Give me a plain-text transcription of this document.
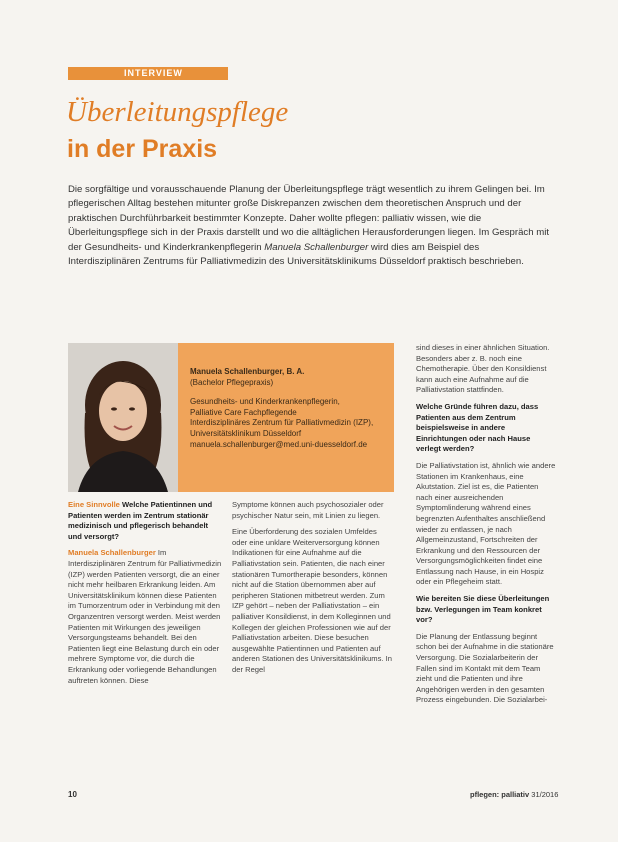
INTERVIEW
Überleitungspflege
in der Praxis

Die sorgfältige und vorausschauende Planung der Überleitungspflege trägt wesentlich zu ihrem Gelingen bei. Im pflegerischen Alltag bestehen mitunter große Diskrepanzen zwischen dem theoretischen Anspruch und der praktischen Durchführbarkeit bestimmter Konzepte. Daher wollte pflegen: palliativ wissen, wie die Überleitungspflege sich in der Praxis darstellt und wo die alltäglichen Herausforderungen liegen. Im Gespräch mit der Gesundheits- und Kinderkrankenpflegerin Manuela Schallenburger wird dies am Beispiel des Interdisziplinären Zentrums für Palliativmedizin des Universitätsklinikums Düsseldorf praktisch beschrieben.

Manuela Schallenburger, B. A.
(Bachelor Pflegepraxis)
Gesundheits- und Kinderkrankenpflegerin,
Palliative Care Fachpflegende
Interdisziplinäres Zentrum für Palliativmedizin (IZP),
Universitätsklinikum Düsseldorf
manuela.schallenburger@med.uni-duesseldorf.de

Eine Sinnvolle Welche Patientinnen und Patienten werden im Zentrum stationär medizinisch und pflegerisch behandelt und versorgt?

Manuela Schallenburger Im Interdisziplinären Zentrum für Palliativmedizin (IZP) werden Patienten versorgt, die an einer nicht mehr heilbaren Erkrankung leiden. Am Universitätsklinikum können diese Patienten im Tumorzentrum oder in Verbindung mit den Organzentren versorgt werden. Meist werden Patienten mit Wirkungen des jeweiligen Versorgungsteams behandelt. Bei den Patienten liegt eine Belastung durch ein oder mehrere Symptome vor, die durch die Erkrankung oder vorliegende Behandlungen auftreten können. Diese

Symptome können auch psychosozialer oder psychischer Natur sein, mit Linien zu liegen.

Eine Überforderung des sozialen Umfeldes oder eine unklare Weiterversorgung können Indikationen für eine Aufnahme auf die Palliativstation sein. Patienten, die nach einer stationären Tumortherapie besonders, können nicht auf die Station übernommen aber auf peripheren Stationen mitbetreut werden. Zum IZP gehört – neben der Palliativstation – ein palliativer Konsildienst, in dem Kolleginnen und Kollegen der gleichen Professionen wie auf der Palliativstation arbeiten. Diese besuchen ausgewählte Patientinnen und Patienten auf anderen Stationen des Universitätsklinikums. In der Regel

sind dieses in einer ähnlichen Situation. Besonders aber z. B. noch eine Chemotherapie. Über den Konsildienst kann auch eine Aufnahme auf die Palliativstation stattfinden.

Welche Gründe führen dazu, dass Patienten aus dem Zentrum beispielsweise in andere Einrichtungen oder nach Hause verlegt werden?

Die Palliativstation ist, ähnlich wie andere Stationen im Krankenhaus, eine Akutstation. Ziel ist es, die Patienten nach einer ausreichenden Symptomlinderung während eines begrenzten Aufenthaltes anschließend wieder zu entlassen, je nach Allgemeinzustand, Fortschreiten der Erkrankung und den Ressourcen der Versorgungsmöglichkeiten findet eine Entlassung nach Hause, in ein Hospiz oder ein Pflegeheim statt.

Wie bereiten Sie diese Überleitungen bzw. Verlegungen im Team konkret vor?

Die Planung der Entlassung beginnt schon bei der Aufnahme in die stationäre Versorgung. Die Sozialarbeiterin der Fallen sind im Kontakt mit dem Team zieht und die Patienten und ihre Angehörigen werden in den gesamten Prozess eingebunden. Die Sozialarbei-

10	pflegen: palliativ 31/2016
